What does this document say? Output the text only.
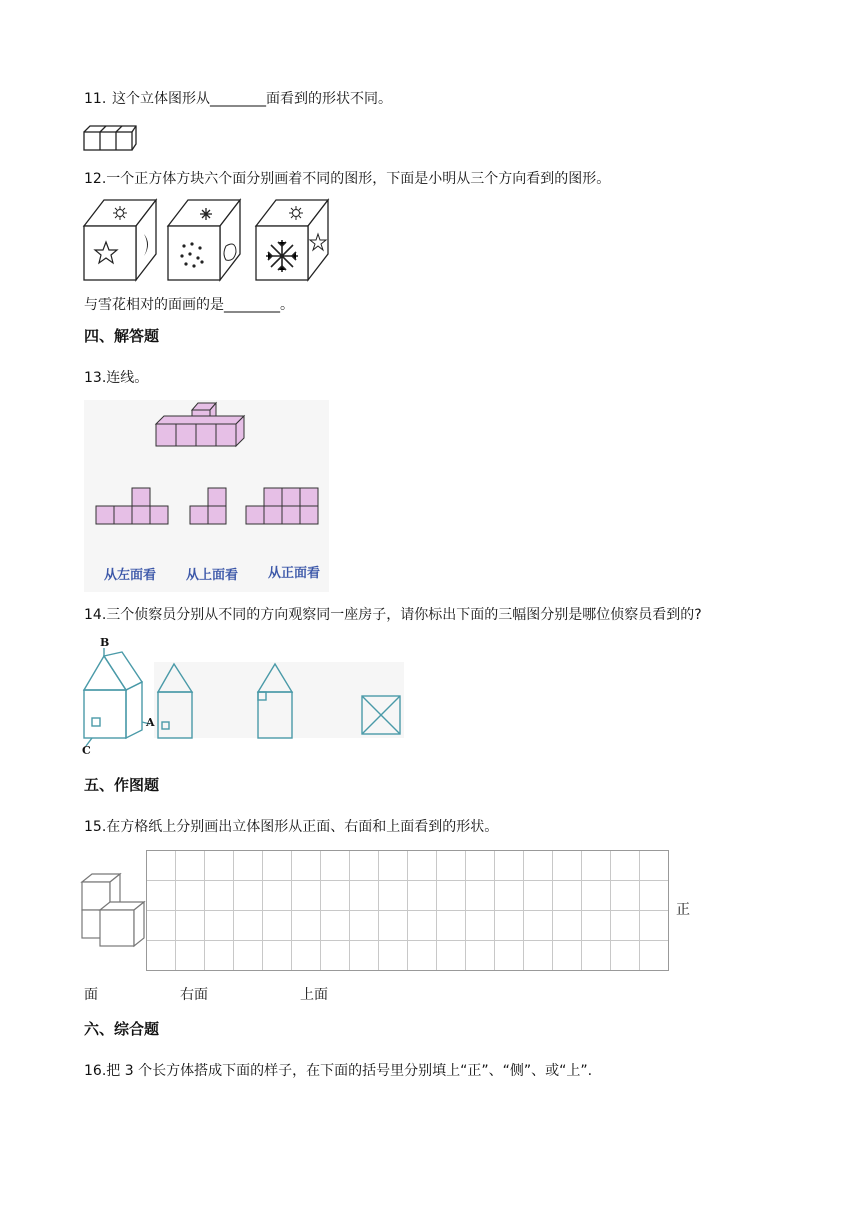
11. 这个立体图形从________面看到的形状不同。
12.一个正方体方块六个面分别画着不同的图形，下面是小明从三个方向看到的图形。
与雪花相对的面画的是________。
四、解答题
13.连线。
从左面看 从上面看 从正面看
14.三个侦察员分别从不同的方向观察同一座房子，请你标出下面的三幅图分别是哪位侦察员看到的?
B
A
C
五、作图题
15.在方格纸上分别画出立体图形从正面、右面和上面看到的形状。
正
面	右面	上面
六、综合题
16.把 3 个长方体搭成下面的样子，在下面的括号里分别填上“正”、“侧”、或“上”.
